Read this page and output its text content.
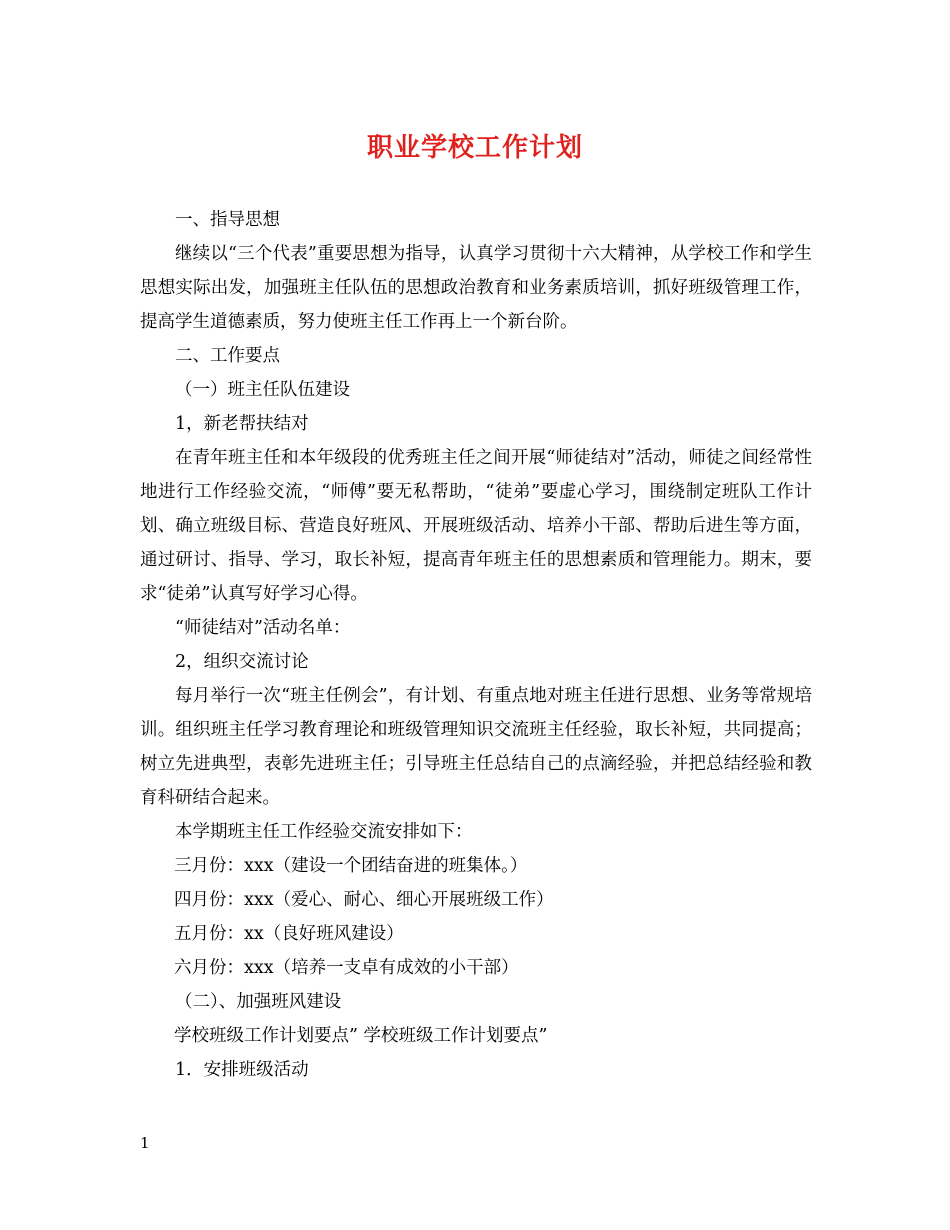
职业学校工作计划

一、指导思想

继续以“三个代表”重要思想为指导，认真学习贯彻十六大精神，从学校工作和学生思想实际出发，加强班主任队伍的思想政治教育和业务素质培训，抓好班级管理工作，提高学生道德素质，努力使班主任工作再上一个新台阶。

二、工作要点

（一）班主任队伍建设

1，新老帮扶结对

在青年班主任和本年级段的优秀班主任之间开展“师徒结对”活动，师徒之间经常性地进行工作经验交流，“师傅”要无私帮助，“徒弟”要虚心学习，围绕制定班队工作计划、确立班级目标、营造良好班风、开展班级活动、培养小干部、帮助后进生等方面，通过研讨、指导、学习，取长补短，提高青年班主任的思想素质和管理能力。期末，要求“徒弟”认真写好学习心得。

“师徒结对”活动名单：

2，组织交流讨论

每月举行一次“班主任例会”，有计划、有重点地对班主任进行思想、业务等常规培训。组织班主任学习教育理论和班级管理知识交流班主任经验，取长补短，共同提高；树立先进典型，表彰先进班主任；引导班主任总结自己的点滴经验，并把总结经验和教育科研结合起来。

本学期班主任工作经验交流安排如下：

三月份：xxx（建设一个团结奋进的班集体。）

四月份：xxx（爱心、耐心、细心开展班级工作）

五月份：xx（良好班风建设）

六月份：xxx（培养一支卓有成效的小干部）

（二）、加强班风建设

学校班级工作计划要点” 学校班级工作计划要点”

1．安排班级活动

1
